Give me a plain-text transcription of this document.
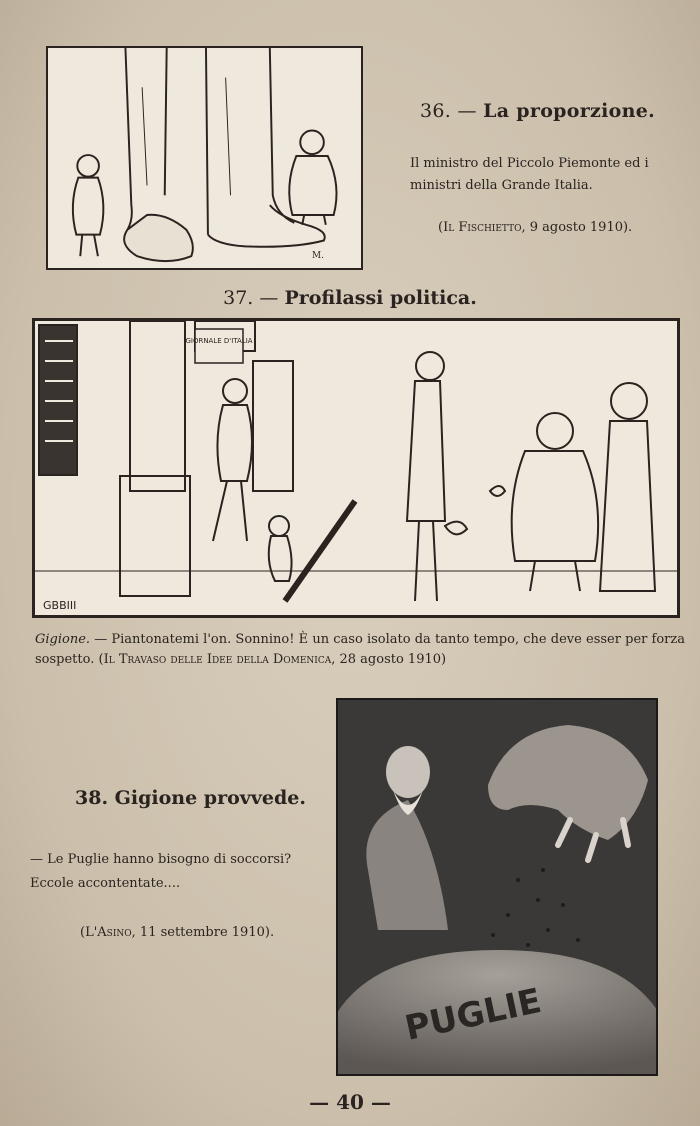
M.
36. — La proporzione.
Il ministro del Piccolo Piemonte ed i ministri della Grande Italia.
(Il Fischietto, 9 agosto 1910).
37. — Profilassi politica.
GIORNALE D'ITALIA
GBBIII
Gigione. — Piantonatemi l'on. Sonnino! È un caso isolato da tanto tempo, che deve esser per forza sospetto. (Il Travaso delle Idee della Domenica, 28 agosto 1910)
38. Gigione provvede.
— Le Puglie hanno bisogno di soccorsi? Eccole accontentate....
(L'Asino, 11 settembre 1910).
PUGLIE
— 40 —
